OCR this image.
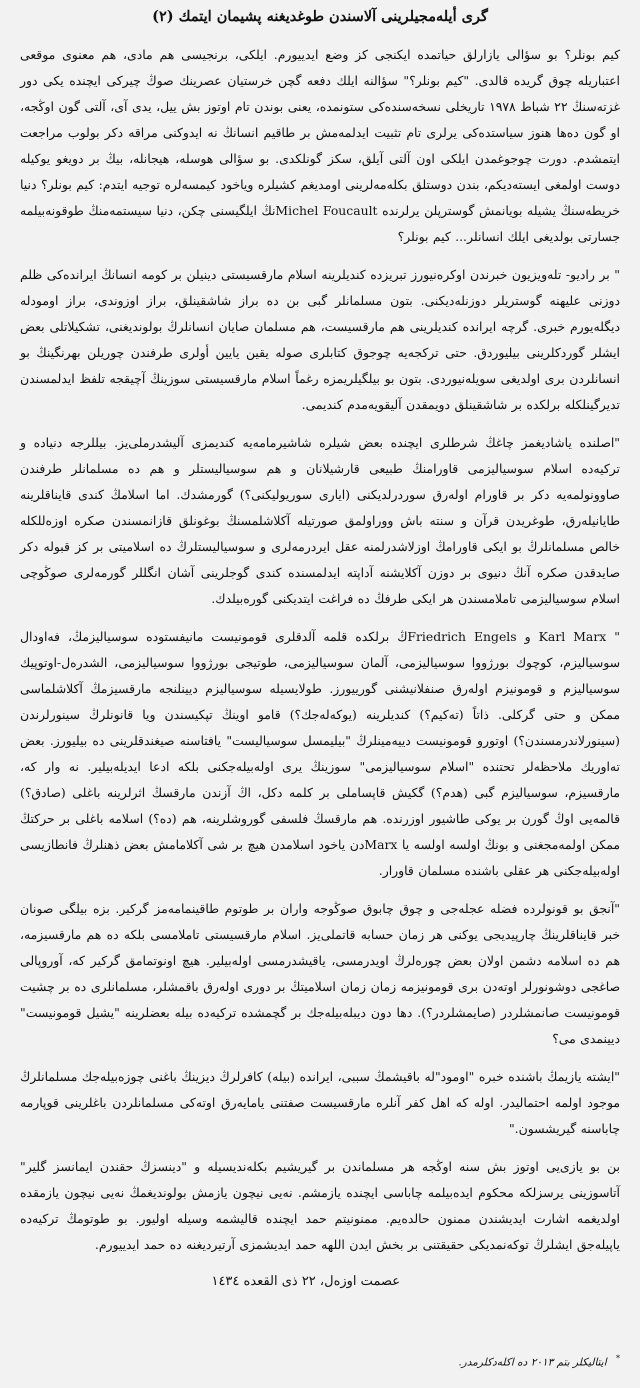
گری أیلەمجیلرینی آلاسندن طوغدیغنه پشیمان ایتمك (٢)

کیم بونلر؟ بو سؤالی یازارلق حیاتمده ایکنجی کز وضع ایدییورم. ایلکی، برنجیسی هم مادی، هم معنوی موقعی اعتباریله چوق گریده قالدی. "کیم بونلر؟" سؤالنه ایلك دفعه گچن خرستیان عصرینك صوڭ چیرکی ایچنده یکی دور غزته‌سنڭ ٢٢ شباط ١٩٧٨ تاریخلی نسخه‌سنده‌کی ستونمده، یعنی بوندن تام اوتوز بش ییل، یدی آی، آلتی گون اوڭجه، او گون ده‌ها هنوز سیاستده‌کی یرلری تام تثبیت ایدلمه‌مش بر طاقیم انسانڭ نه ایدوکنی مراقه دکر بولوب مراجعت ایتمشدم. دورت چوجوغمدن ایلکی اون آلتی آیلق، سکز گونلکدی. بو سؤالی هوسله، هیجانله، بیڭ بر دویغو یوکیله دوست اولمغی ایسته‌دیکم، بندن دوستلق بکلەمه‌لرینی اومدیغم کشیلره ویاخود کیمسه‌لره توجیه ایتدم: کیم بونلر؟ دنیا خریطه‌سنڭ یشیله بویانمش گوسترپلن یرلرنده Michel Foucaultنڭ ایلگیسنی چکن، دنیا سیستمه‌منڭ طوقونه‌بیلمه جسارتی بولدیغی ایلك انسانلر... کیم بونلر؟

" بر رادیو- تلەویزیون خبرندن اوکره‌نیورز تبریزده کندیلرینه اسلام مارقسیستی دینیلن بر کومه انسانڭ ایراندەکی ظلم دوزنی علیهنه گوستریلر دوزنله‌دیکنی. بتون مسلمانلر گبی بن ده براز شاشقینلق، براز اوزوندی، براز اومودله دیگلەیورم خبری. گرچه ایرانده کندیلرینی هم مارقسیست، هم مسلمان صایان انسانلرڭ بولوندیغنی، تشکیلاتلی بعض ایشلر گوردکلرینی بیلیوردق. حتی ترکجه‌یه چوجوق کتابلری صوله یقین یایین أولری طرفندن چوریلن بهرنگینڭ بو انسانلردن بری اولدیغی سویله‌نیوردی. بتون بو بیلگیلریمزه رغماً اسلام مارقسیستی سوزینڭ آچیقجه تلفظ ایدلمسندن تدیرگینلکله برلکده بر شاشقینلق دویمقدن آلیقویه‌مدم کندیمی.

"اصلنده یاشادیغمز چاغڭ شرطلری ایچنده بعض شیلره شاشیرمامه‌یه کندیمزی آلیشدرملی‌یز. بیللرجه دنیاده و ترکیه‌ده اسلام سوسیالیزمی قاورامنڭ طبیعی قارشیلانان و هم سوسیالیستلر و هم ده مسلمانلر طرفندن صاوونولمه‌یه دکر بر قاورام اولەرق سوردرلدیکنی (ایاری سوریولیکنی؟) گورمشدك. اما اسلامڭ کندی قایناقلرینه طایانیله‌رق، طوغریدن قرآن و سنته باش ووراولمق صورتیله آکلاشلمسنڭ بوغونلق قازانمسندن صکره اوزەللکله خالص مسلمانلرڭ بو ایکی قاورامڭ اوزلاشدرلمنه عقل ایردرمه‌لری و سوسیالیستلرڭ ده اسلامیتی بر کز قبوله دکر صایدقدن صکره آنڭ دنیوی بر دوزن آکلایشنه آداپته ایدلمسنده کندی گوجلرینی آشان انگللر گورمه‌لری صوڭوچی اسلام سوسیالیزمی تاملامسندن هر ایکی طرفڭ ده فراغت ایتدیکنی گوره‌بیلدك.

" Karl Marx و Friedrich Engelsڭ برلکده قلمه آلدقلری قومونیست مانیفستوده سوسیالیزمڭ، فه‌اودال سوسیالیزم، کوچوك بورژووا سوسیالیزمی، آلمان سوسیالیزمی، طوتیجی بورژووا سوسیالیزمی، الشدرەل-اوتوپیك سوسیالیزم و قومونیزم اولەرق صنفلانیشنی گورییورز. طولایسیله سوسیالیزم دیینلنجه مارقسیزمڭ آکلاشلماسی ممکن و حتی گرکلی. ذاتاً (تەکیم؟) کندیلرینه (یوکه‌له‌جك؟) قامو اوینڭ تپکیسندن ویا قانونلرڭ سینورلرندن (سینورلاندرمسندن؟) اوتورو قومونیست دییه‌مینلرڭ "بیلیمسل سوسیالیست" یافتاسنه صیغندقلرینی ده بیلیورز. بعض تەاوریك ملاحظەلر تحتنده "اسلام سوسیالیزمی" سوزینڭ یری اولەبیلەجکنی بلکه ادعا ایدیله‌بیلیر. نه وار که، مارقسیزم، سوسیالیزم گبی (هدم؟) گکیش قاپساملی بر کلمه دکل، اڭ آزندن مارقسڭ اثرلرینه باغلی (صادق؟) قالمه‌یی اوڭ گورن بر یوکی طاشیور اوزرنده. هم مارقسڭ فلسفی گوروشلرینه، هم (ده؟) اسلامه باغلی بر حرکتڭ ممکن اولمه‌مجغنی و بونڭ اولسه اولسه یا Marxدن یاخود اسلامدن هیچ بر شی آکلامامش بعض ذهنلرڭ فانطازیسی اوله‌بیله‌جکنی هر عقلی باشنده مسلمان قاورار.

"آنجق بو قونولرده فضله عجله‌جی و چوق چابوق صوڭوجه واران بر طوتوم طاقینمامه‌مز گرکیر. بزه بیلگی صونان خبر قایناقلرینڭ چارپیدیجی یوکنی هر زمان حسابه قاتملی‌یز. اسلام مارقسیستی تاملامسی بلکه ده هم مارقسیزمه، هم ده اسلامه دشمن اولان بعض چوره‌لرڭ اویدرمسی، یاقیشدرمسی اوله‌بیلیر. هیچ اونوتمامق گرکیر که، آوروپالی صاغجی دوشونورلر اوته‌دن بری قومونیزمه زمان زمان اسلامیتڭ بر دوری اولەرق باقمشلر، مسلمانلری ده بر چشیت قومونیست صانمشلردر (صایمشلردر؟). دها دون دیبله‌بیله‌جك بر گچمشده ترکیه‌ده بیله بعضلرینه "یشیل قومونیست" دیینمدی می؟

"ایشته یازیمڭ باشنده خبره "اومود"له باقیشمڭ سببی، ایرانده (بیله) کافرلرڭ دیزینڭ باغنی چوزه‌بیله‌جك مسلمانلرڭ موجود اولمه احتمالیدر. اوله که اهل کفر آنلره مارقسیست صفتنی یامایه‌رق اوته‌کی مسلمانلردن باغلرینی قوپارمه چاباسنه گیریشسون."

بن بو یازی‌یی اوتوز بش سنه اوڭجه هر مسلماندن بر گیریشیم بکلەندیسیله و "دینسزڭ حقندن ایمانسز گلیر" آتاسوزینی یرسزلکه محکوم ایده‌بیلمه چاباسی ایچنده یازمشم. نه‌یی نیچون یازمش بولوندیغمڭ نه‌یی نیچون یازمقده اولدیغمه اشارت ایدیشندن ممنون حالده‌یم. ممنونیتم حمد ایچنده قالیشمه وسیله اولیور. بو طوتومڭ ترکیه‌ده یاپیله‌جق ایشلرڭ توکه‌نمدیکی حقیقتنی بر بخش ایدن اللهه حمد ایدیشمزی آرتیردیغنه ده حمد ایدییورم.

عصمت اوزەل، ٢٢ ذی القعده ١٤٣٤
* ایتالیکلر بتم ٢٠١٣ ده اکلەدکلرمدر.
